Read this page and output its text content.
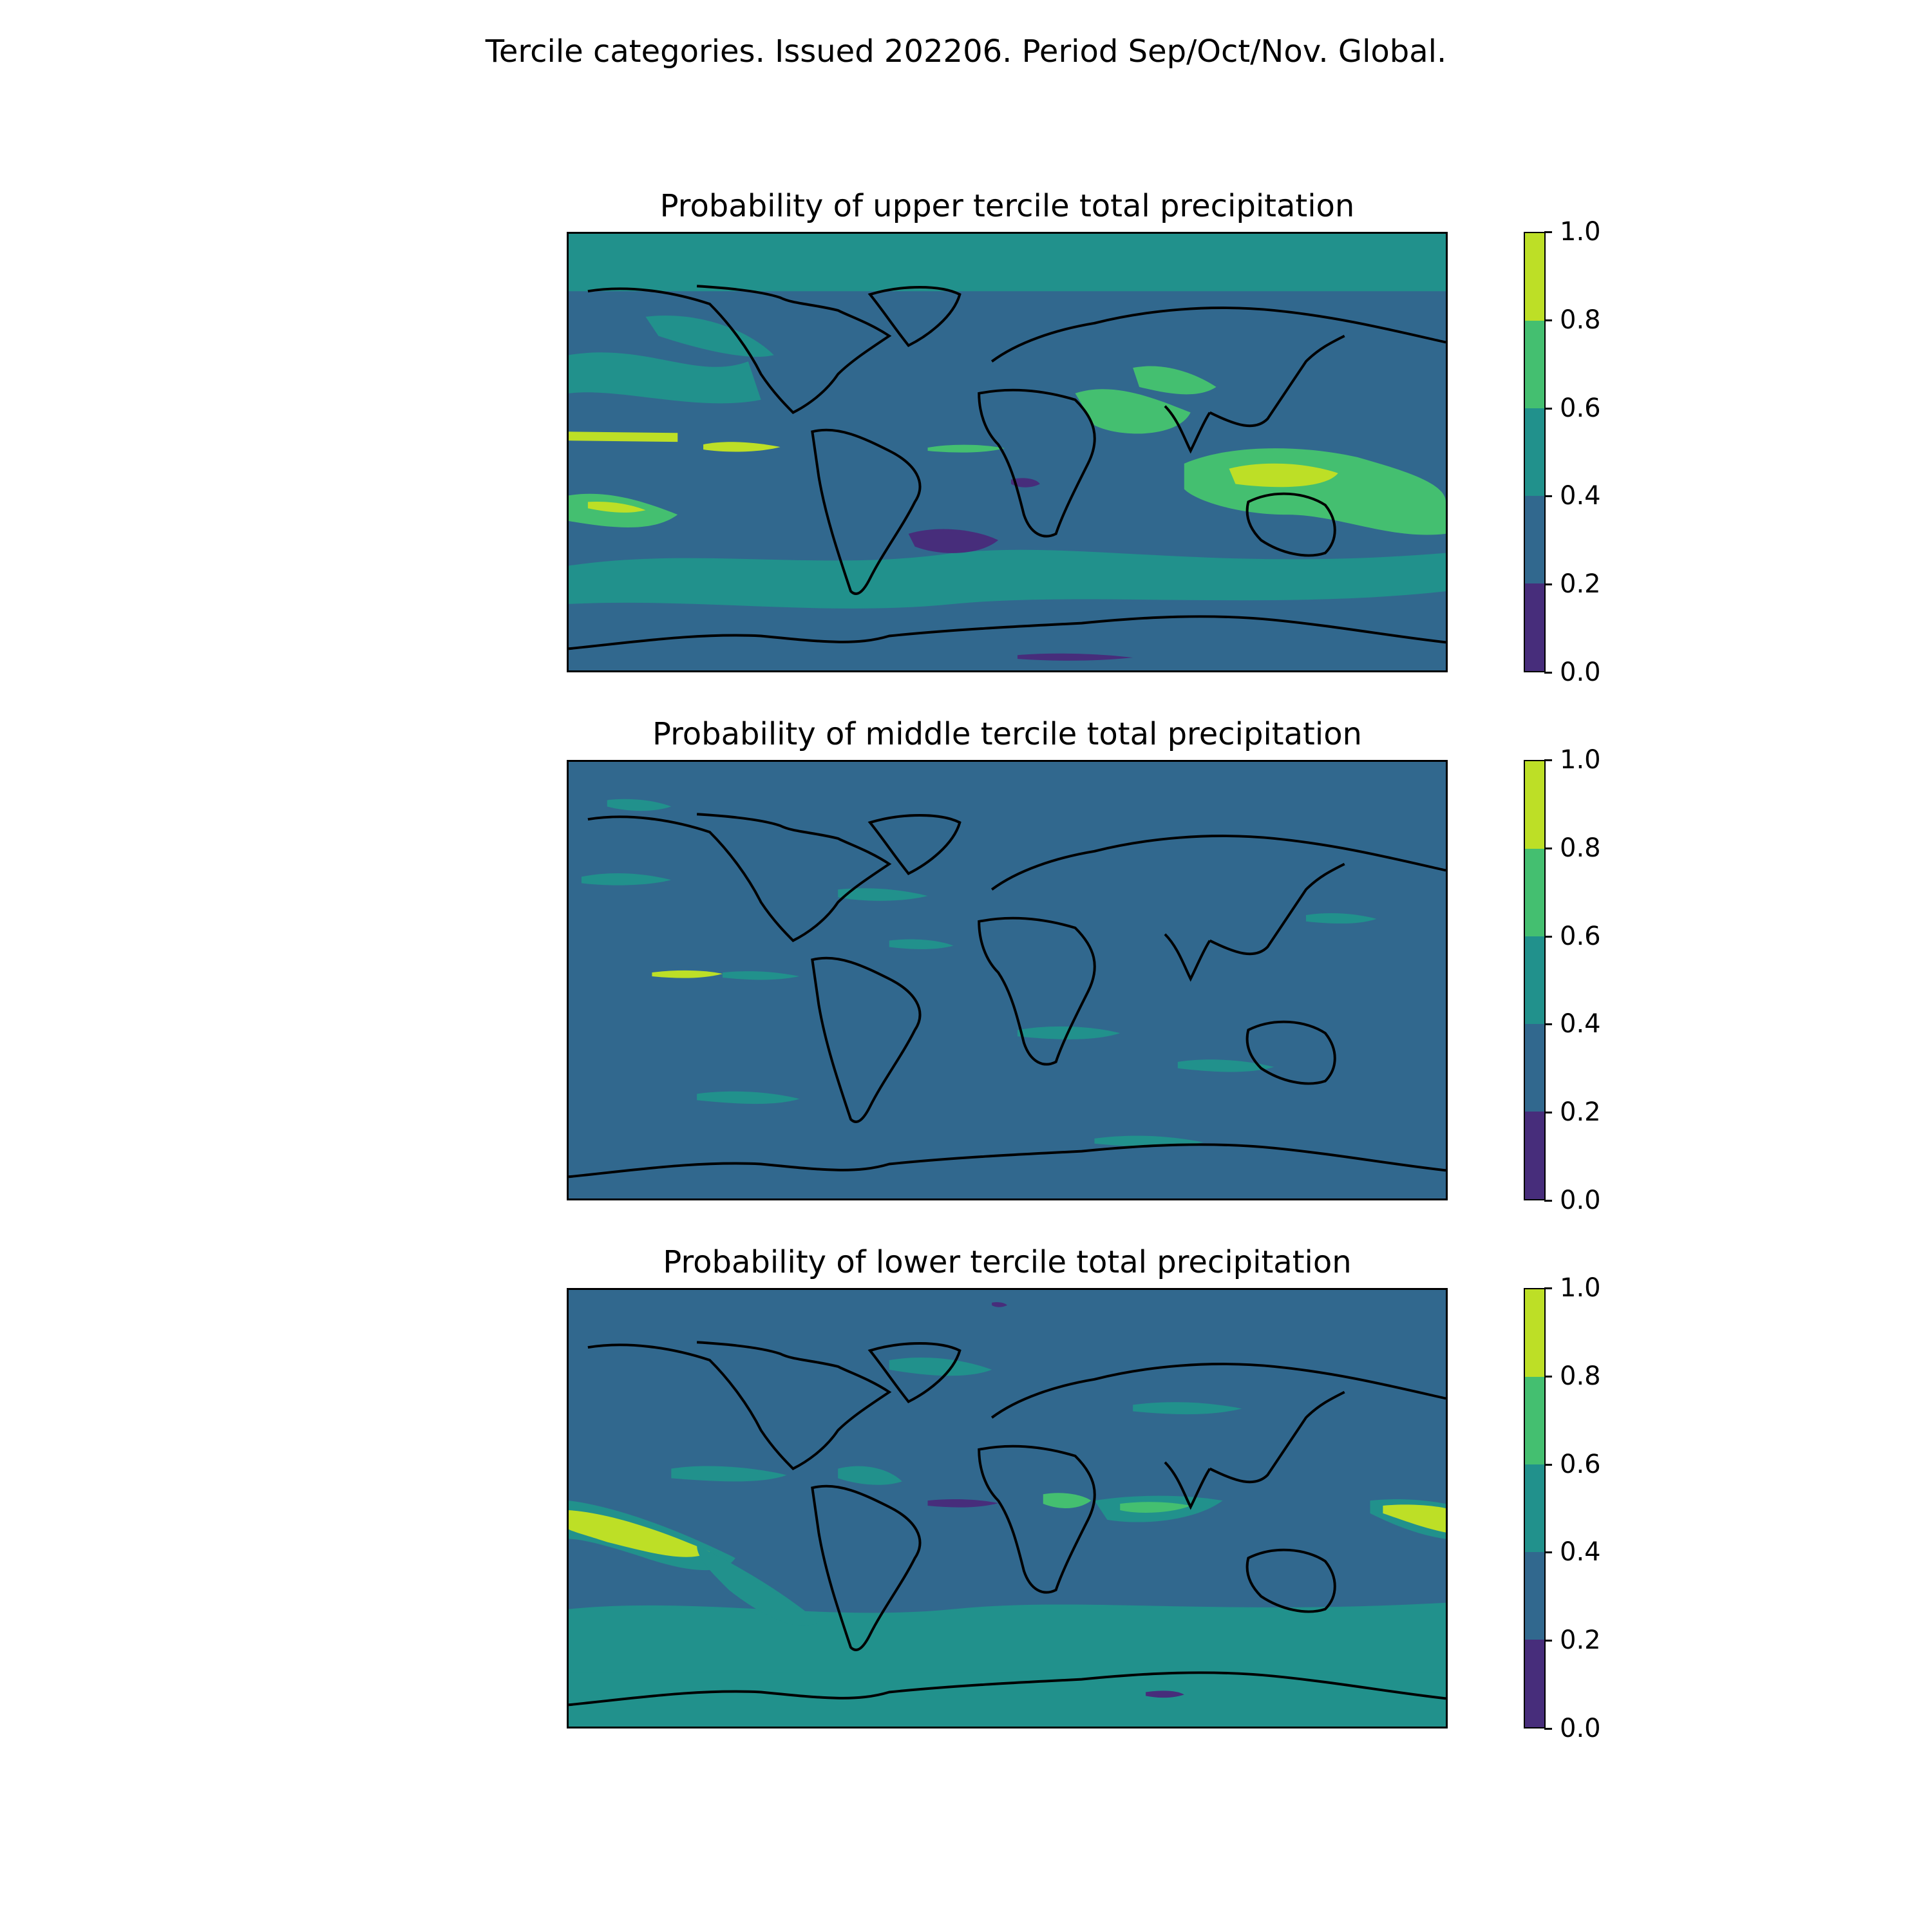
Tercile categories. Issued 202206. Period Sep/Oct/Nov. Global.
Probability of upper tercile total precipitation
Probability of middle tercile total precipitation
Probability of lower tercile total precipitation
0.0
0.2
0.4
0.6
0.8
1.0
0.0
0.2
0.4
0.6
0.8
1.0
0.0
0.2
0.4
0.6
0.8
1.0
